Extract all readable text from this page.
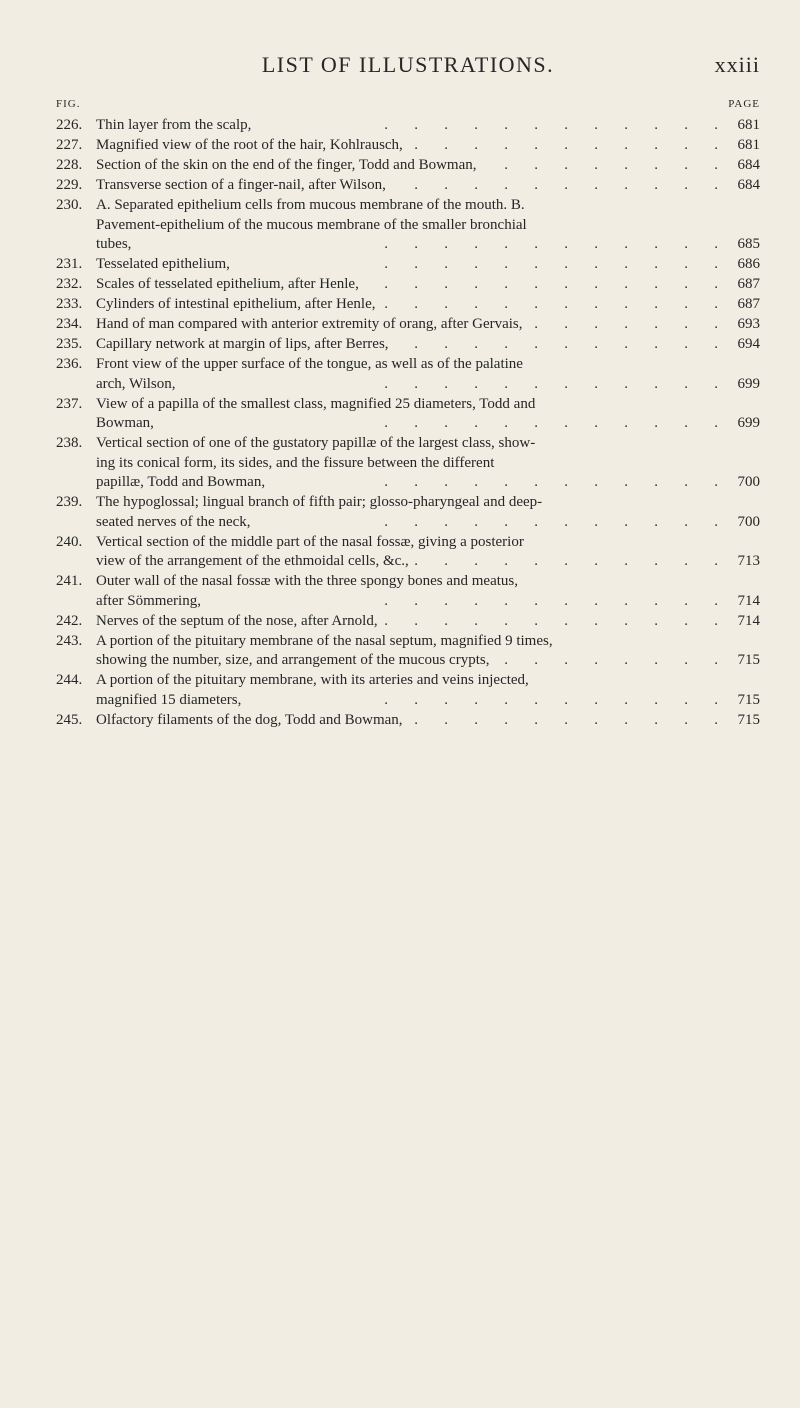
LIST OF ILLUSTRATIONS.	xxiii
FIG.	PAGE
226. Thin layer from the scalp, .	681
227. Magnified view of the root of the hair, Kohlrausch, .	681
228. Section of the skin on the end of the finger, Todd and Bowman, .	684
229. Transverse section of a finger-nail, after Wilson, .	684
230. A. Separated epithelium cells from mucous membrane of the mouth. B.
Pavement-epithelium of the mucous membrane of the smaller bronchial
tubes, .	685
231. Tesselated epithelium, .	686
232. Scales of tesselated epithelium, after Henle, .	687
233. Cylinders of intestinal epithelium, after Henle, .	687
234. Hand of man compared with anterior extremity of orang, after Gervais, .	693
235. Capillary network at margin of lips, after Berres, .	694
236. Front view of the upper surface of the tongue, as well as of the palatine
arch, Wilson, .	699
237. View of a papilla of the smallest class, magnified 25 diameters, Todd and
Bowman, .	699
238. Vertical section of one of the gustatory papillæ of the largest class, show-
ing its conical form, its sides, and the fissure between the different
papillæ, Todd and Bowman, .	700
239. The hypoglossal; lingual branch of fifth pair; glosso-pharyngeal and deep-
seated nerves of the neck, .	700
240. Vertical section of the middle part of the nasal fossæ, giving a posterior
view of the arrangement of the ethmoidal cells, &c., .	713
241. Outer wall of the nasal fossæ with the three spongy bones and meatus,
after Sömmering, .	714
242. Nerves of the septum of the nose, after Arnold, .	714
243. A portion of the pituitary membrane of the nasal septum, magnified 9 times,
showing the number, size, and arrangement of the mucous crypts, .	715
244. A portion of the pituitary membrane, with its arteries and veins injected,
magnified 15 diameters, .	715
245. Olfactory filaments of the dog, Todd and Bowman, .	715
